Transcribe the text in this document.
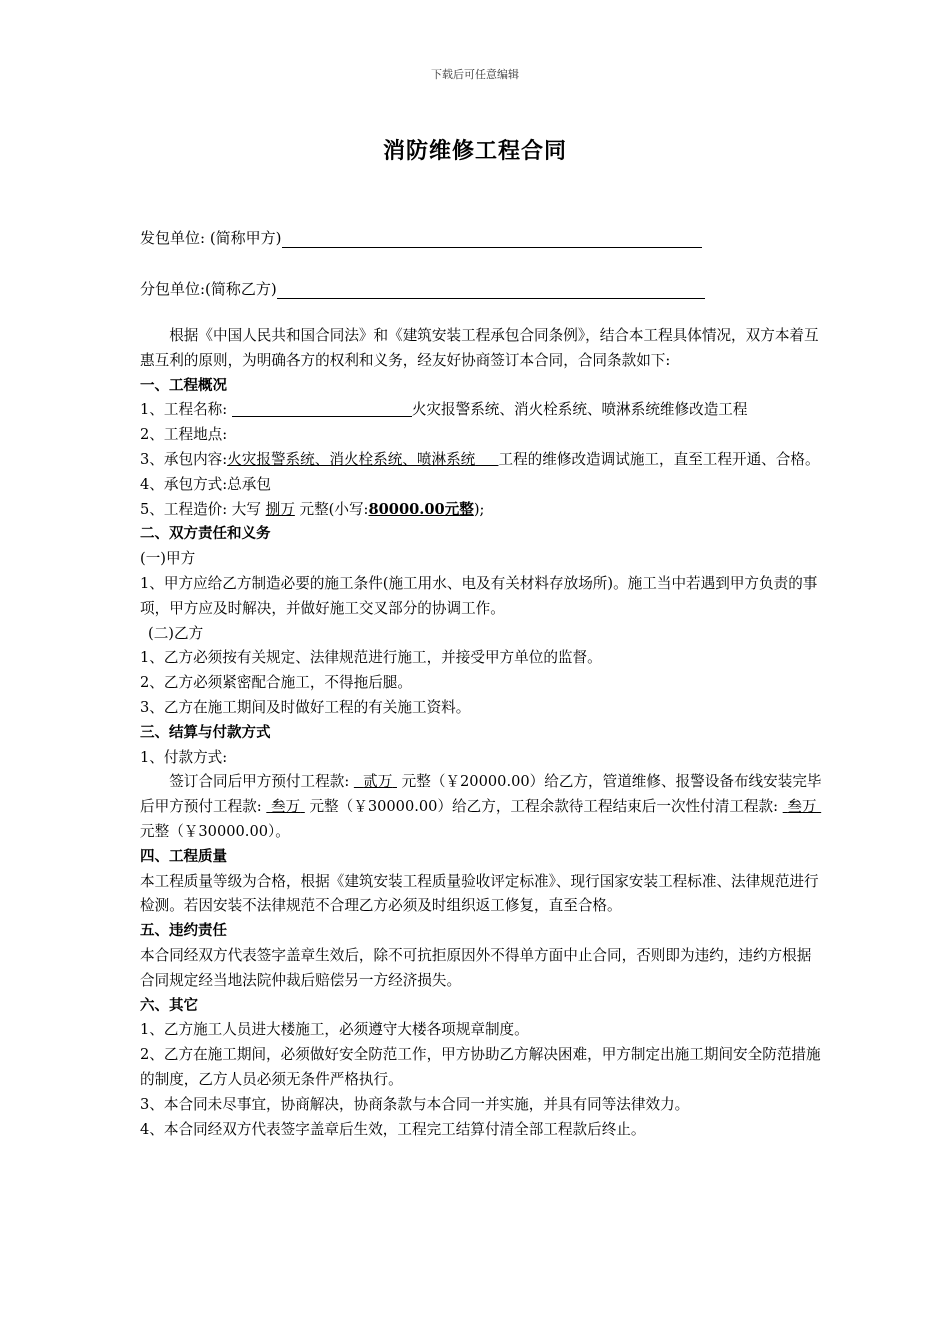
下载后可任意编辑
消防维修工程合同
发包单位: (简称甲方)
分包单位:(简称乙方)

根据《中国人民共和国合同法》和《建筑安装工程承包合同条例》，结合本工程具体情况，双方本着互惠互利的原则，为明确各方的权利和义务，经友好协商签订本合同，合同条款如下:

一、工程概况

1、工程名称:	火灾报警系统、消火栓系统、喷淋系统维修改造工程

2、工程地点:

3、承包内容:火灾报警系统、消火栓系统、喷淋系统 工程的维修改造调试施工，直至工程开通、合格。

4、承包方式:总承包

5、工程造价: 大写 捌万 元整(小写:80000.00元整);

二、双方责任和义务

(一)甲方

1、甲方应给乙方制造必要的施工条件(施工用水、电及有关材料存放场所)。施工当中若遇到甲方负责的事项，甲方应及时解决，并做好施工交叉部分的协调工作。

(二)乙方

1、乙方必须按有关规定、法律规范进行施工，并接受甲方单位的监督。

2、乙方必须紧密配合施工，不得拖后腿。

3、乙方在施工期间及时做好工程的有关施工资料。

三、结算与付款方式

1、付款方式:

签订合同后甲方预付工程款: 贰万 元整（￥20000.00）给乙方，管道维修、报警设备布线安装完毕后甲方预付工程款: 叁万 元整（￥30000.00）给乙方，工程余款待工程结束后一次性付清工程款: 叁万  元整（￥30000.00）。

四、工程质量

本工程质量等级为合格，根据《建筑安装工程质量验收评定标准》、现行国家安装工程标准、法律规范进行检测。若因安装不法律规范不合理乙方必须及时组织返工修复，直至合格。

五、违约责任

本合同经双方代表签字盖章生效后，除不可抗拒原因外不得单方面中止合同，否则即为违约，违约方根据合同规定经当地法院仲裁后赔偿另一方经济损失。

六、其它

1、乙方施工人员进大楼施工，必须遵守大楼各项规章制度。

2、乙方在施工期间，必须做好安全防范工作，甲方协助乙方解决困难，甲方制定出施工期间安全防范措施的制度，乙方人员必须无条件严格执行。

3、本合同未尽事宜，协商解决，协商条款与本合同一并实施，并具有同等法律效力。

4、本合同经双方代表签字盖章后生效，工程完工结算付清全部工程款后终止。
